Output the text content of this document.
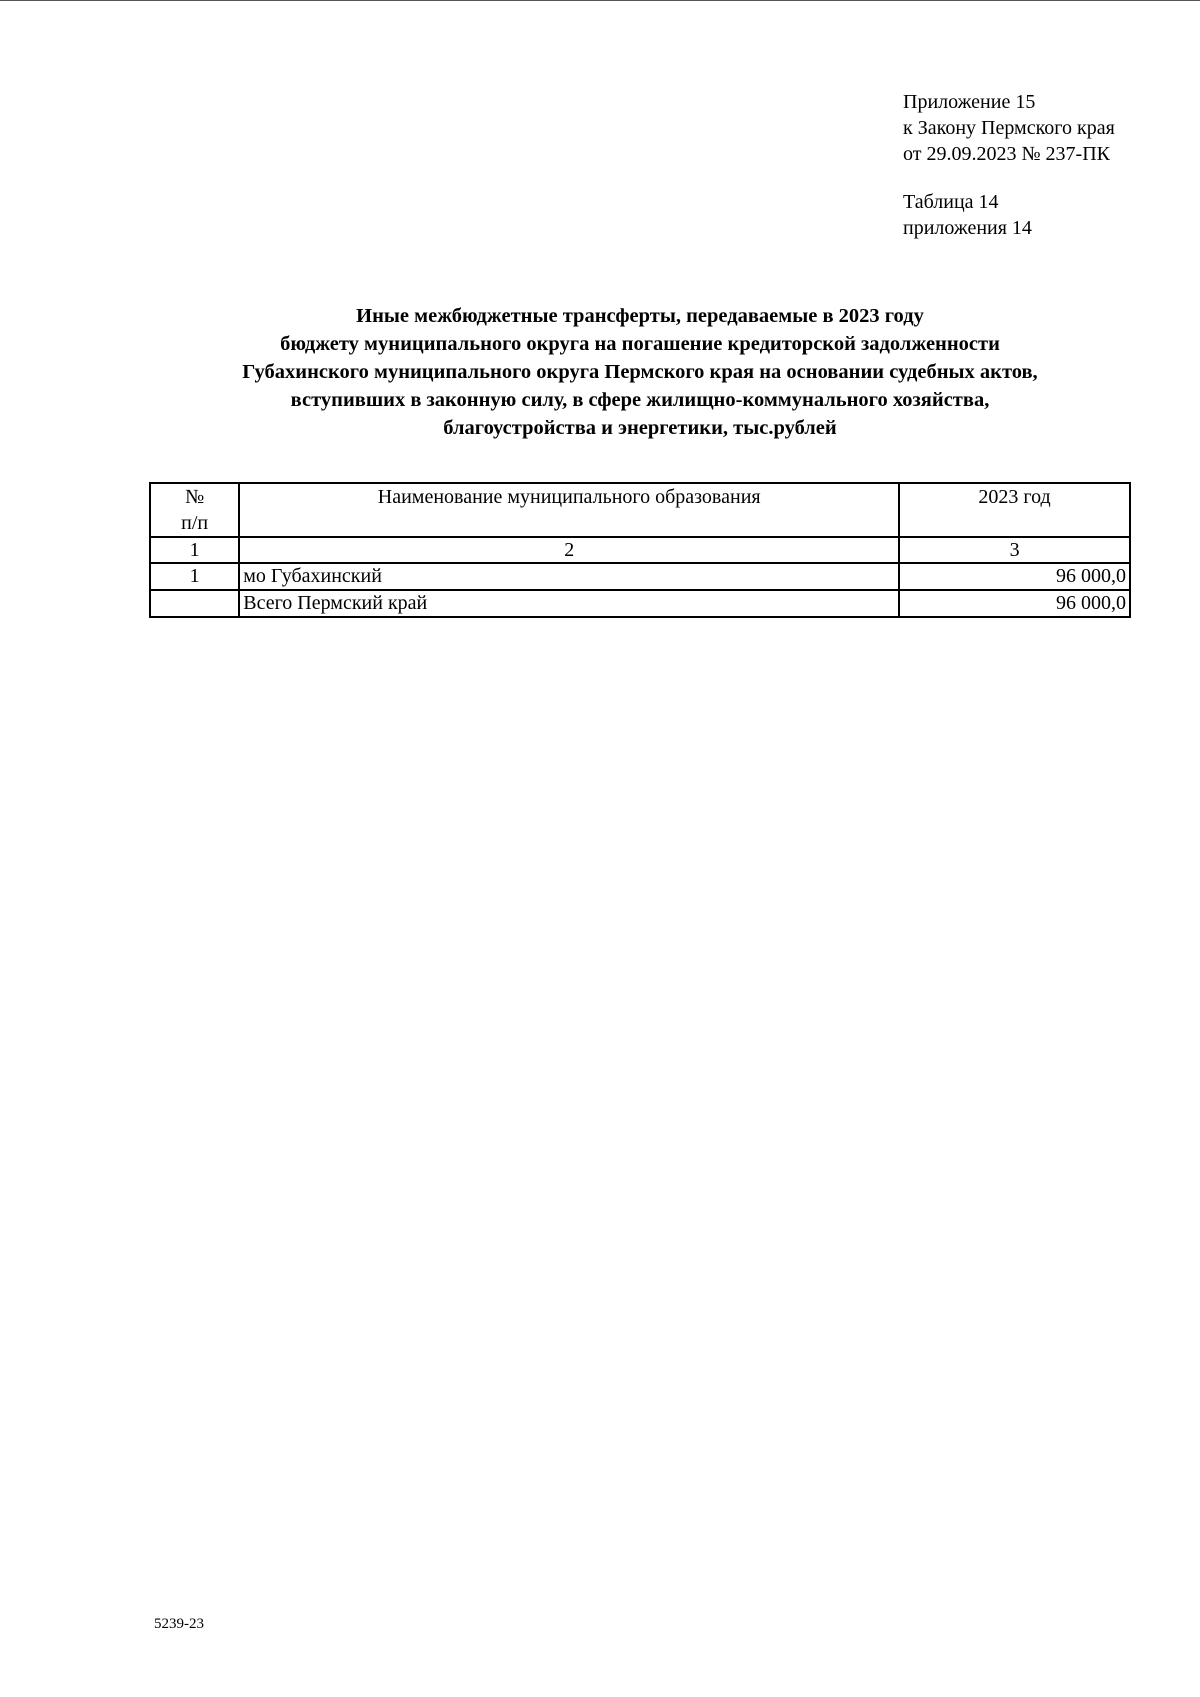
Приложение 15
к Закону Пермского края
от 29.09.2023 № 237-ПК
Таблица 14
приложения 14
Иные межбюджетные трансферты, передаваемые в 2023 году
бюджету муниципального округа на погашение кредиторской задолженности
Губахинского муниципального округа Пермского края на основании судебных актов,
вступивших в законную силу, в сфере жилищно-коммунального хозяйства,
благоустройства и энергетики, тыс.рублей
№
п/п	Наименование муниципального образования	2023 год
1	2	3
1	мо Губахинский	96 000,0
	Всего Пермский край	96 000,0
5239-23
